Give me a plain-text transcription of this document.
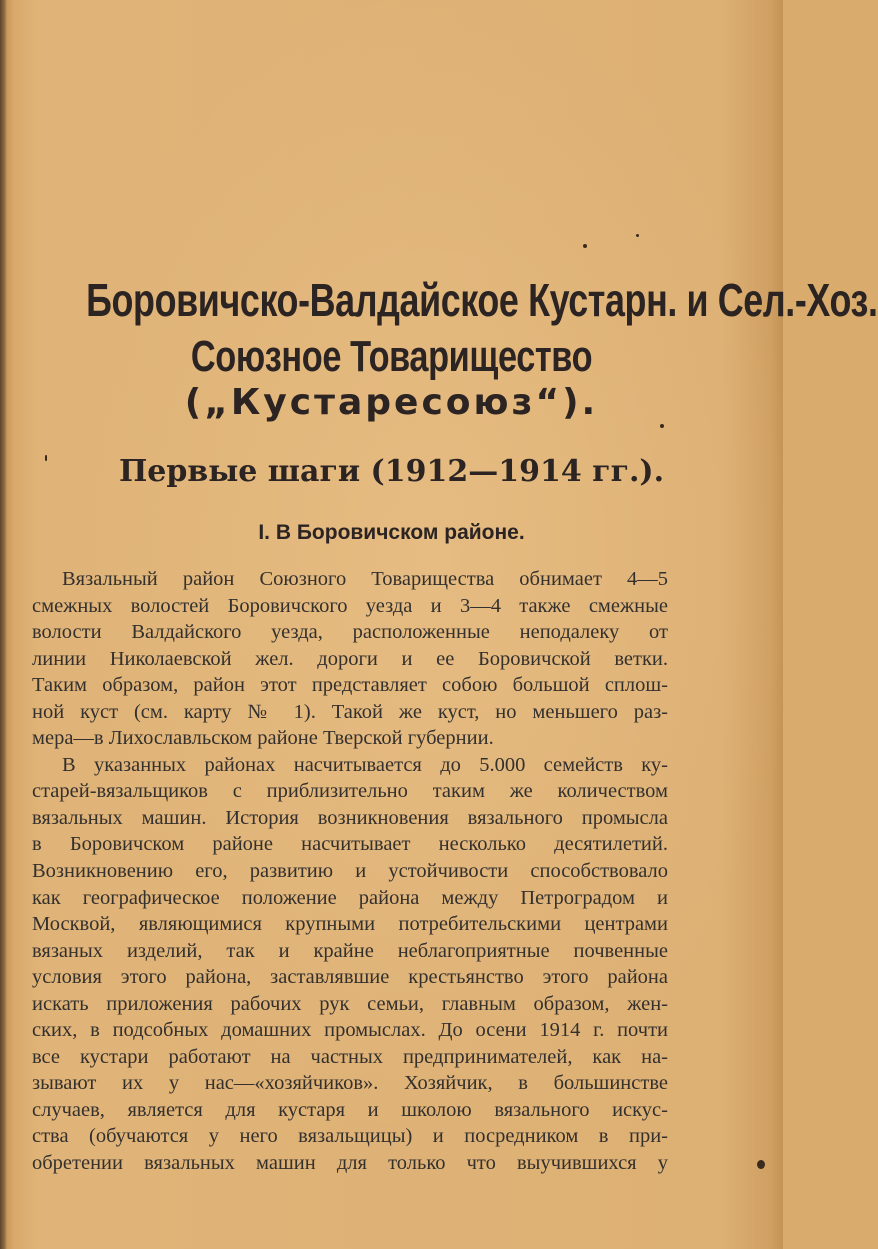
Боровичско-Валдайское Кустарн. и Сел.-Хоз.
Союзное Товарищество
(„Кустаресоюз“).
Первые шаги (1912—1914 гг.).
I. В Боровичском районе.
Вязальный район Союзного Товарищества обнимает 4—5
смежных волостей Боровичского уезда и 3—4 также смежные
волости Валдайского уезда, расположенные неподалеку от
линии Николаевской жел. дороги и ее Боровичской ветки.
Таким образом, район этот представляет собою большой сплош-
ной куст (см. карту № 1). Такой же куст, но меньшего раз-
мера—в Лихославльском районе Тверской губернии.
В указанных районах насчитывается до 5.000 семейств ку-
старей-вязальщиков с приблизительно таким же количеством
вязальных машин. История возникновения вязального промысла
в Боровичском районе насчитывает несколько десятилетий.
Возникновению его, развитию и устойчивости способствовало
как географическое положение района между Петроградом и
Москвой, являющимися крупными потребительскими центрами
вязаных изделий, так и крайне неблагоприятные почвенные
условия этого района, заставлявшие крестьянство этого района
искать приложения рабочих рук семьи, главным образом, жен-
ских, в подсобных домашних промыслах. До осени 1914 г. почти
все кустари работают на частных предпринимателей, как на-
зывают их у нас—«хозяйчиков». Хозяйчик, в большинстве
случаев, является для кустаря и школою вязального искус-
ства (обучаются у него вязальщицы) и посредником в при-
обретении вязальных машин для только что выучившихся у
